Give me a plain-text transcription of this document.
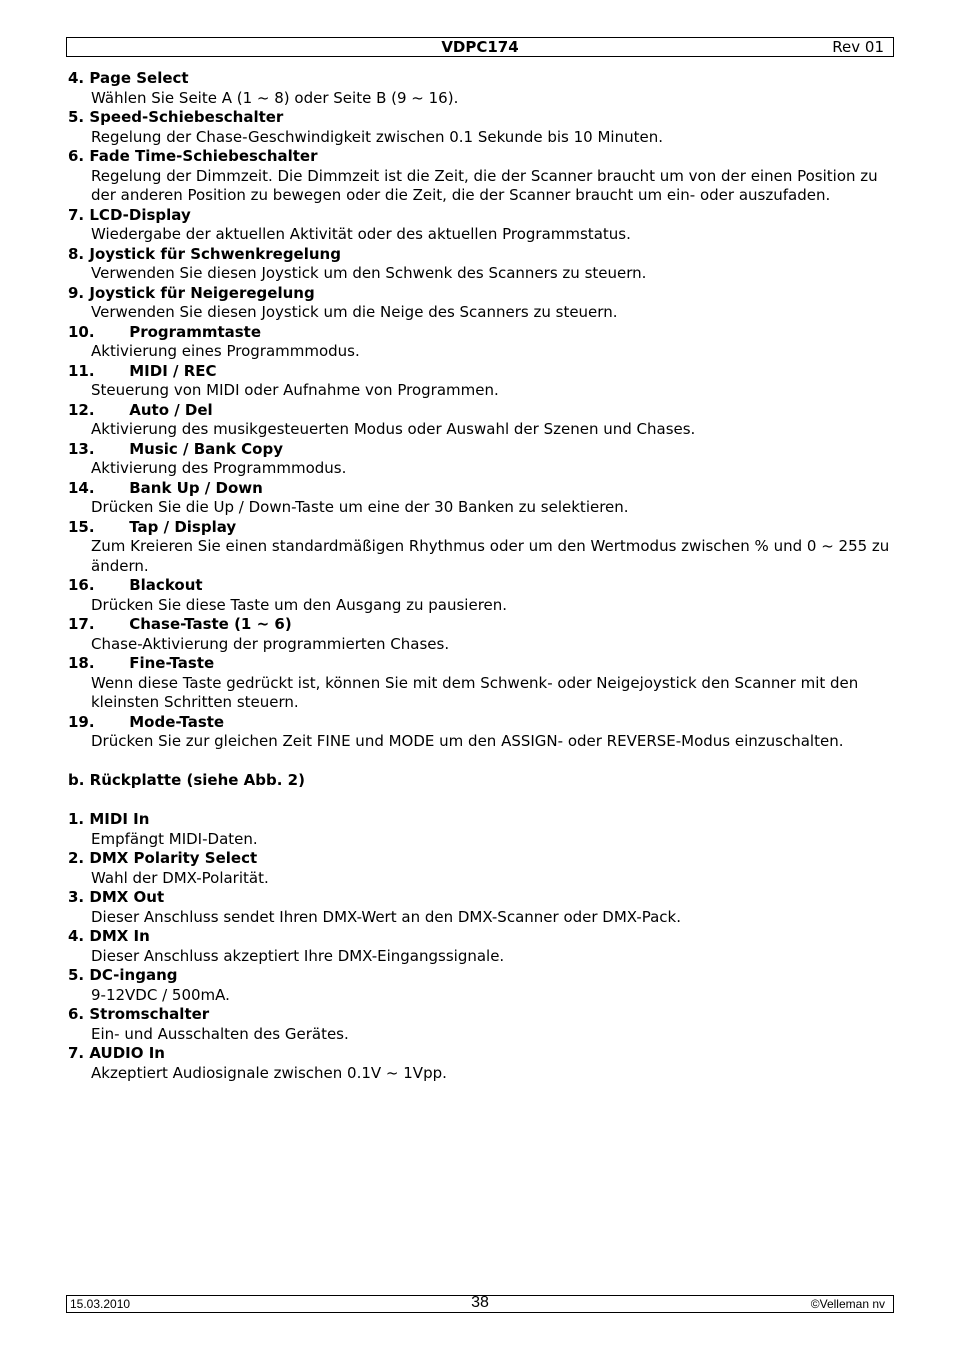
VDPC174	Rev 01
4. Page Select
Wählen Sie Seite A (1 ~ 8) oder Seite B (9 ~ 16).
5. Speed-Schiebeschalter
Regelung der Chase-Geschwindigkeit zwischen 0.1 Sekunde bis 10 Minuten.
6. Fade Time-Schiebeschalter
Regelung der Dimmzeit. Die Dimmzeit ist die Zeit, die der Scanner braucht um von der einen Position zu der anderen Position zu bewegen oder die Zeit, die der Scanner braucht um ein- oder auszufaden.
7. LCD-Display
Wiedergabe der aktuellen Aktivität oder des aktuellen Programmstatus.
8. Joystick für Schwenkregelung
Verwenden Sie diesen Joystick um den Schwenk des Scanners zu steuern.
9. Joystick für Neigeregelung
Verwenden Sie diesen Joystick um die Neige des Scanners zu steuern.
10. Programmtaste
Aktivierung eines Programmmodus.
11. MIDI / REC
Steuerung von MIDI oder Aufnahme von Programmen.
12. Auto / Del
Aktivierung des musikgesteuerten Modus oder Auswahl der Szenen und Chases.
13. Music / Bank Copy
Aktivierung des Programmmodus.
14. Bank Up / Down
Drücken Sie die Up / Down-Taste um eine der 30 Banken zu selektieren.
15. Tap / Display
Zum Kreieren Sie einen standardmäßigen Rhythmus oder um den Wertmodus zwischen % und 0 ~ 255 zu ändern.
16. Blackout
Drücken Sie diese Taste um den Ausgang zu pausieren.
17. Chase-Taste (1 ~ 6)
Chase-Aktivierung der programmierten Chases.
18. Fine-Taste
Wenn diese Taste gedrückt ist, können Sie mit dem Schwenk- oder Neigejoystick den Scanner mit den kleinsten Schritten steuern.
19. Mode-Taste
Drücken Sie zur gleichen Zeit FINE und MODE um den ASSIGN- oder REVERSE-Modus einzuschalten.
b. Rückplatte (siehe Abb. 2)
1. MIDI In
Empfängt MIDI-Daten.
2. DMX Polarity Select
Wahl der DMX-Polarität.
3. DMX Out
Dieser Anschluss sendet Ihren DMX-Wert an den DMX-Scanner oder DMX-Pack.
4. DMX In
Dieser Anschluss akzeptiert Ihre DMX-Eingangssignale.
5. DC-ingang
9-12VDC / 500mA.
6. Stromschalter
Ein- und Ausschalten des Gerätes.
7. AUDIO In
Akzeptiert Audiosignale zwischen 0.1V ~ 1Vpp.
15.03.2010	38	©Velleman nv
